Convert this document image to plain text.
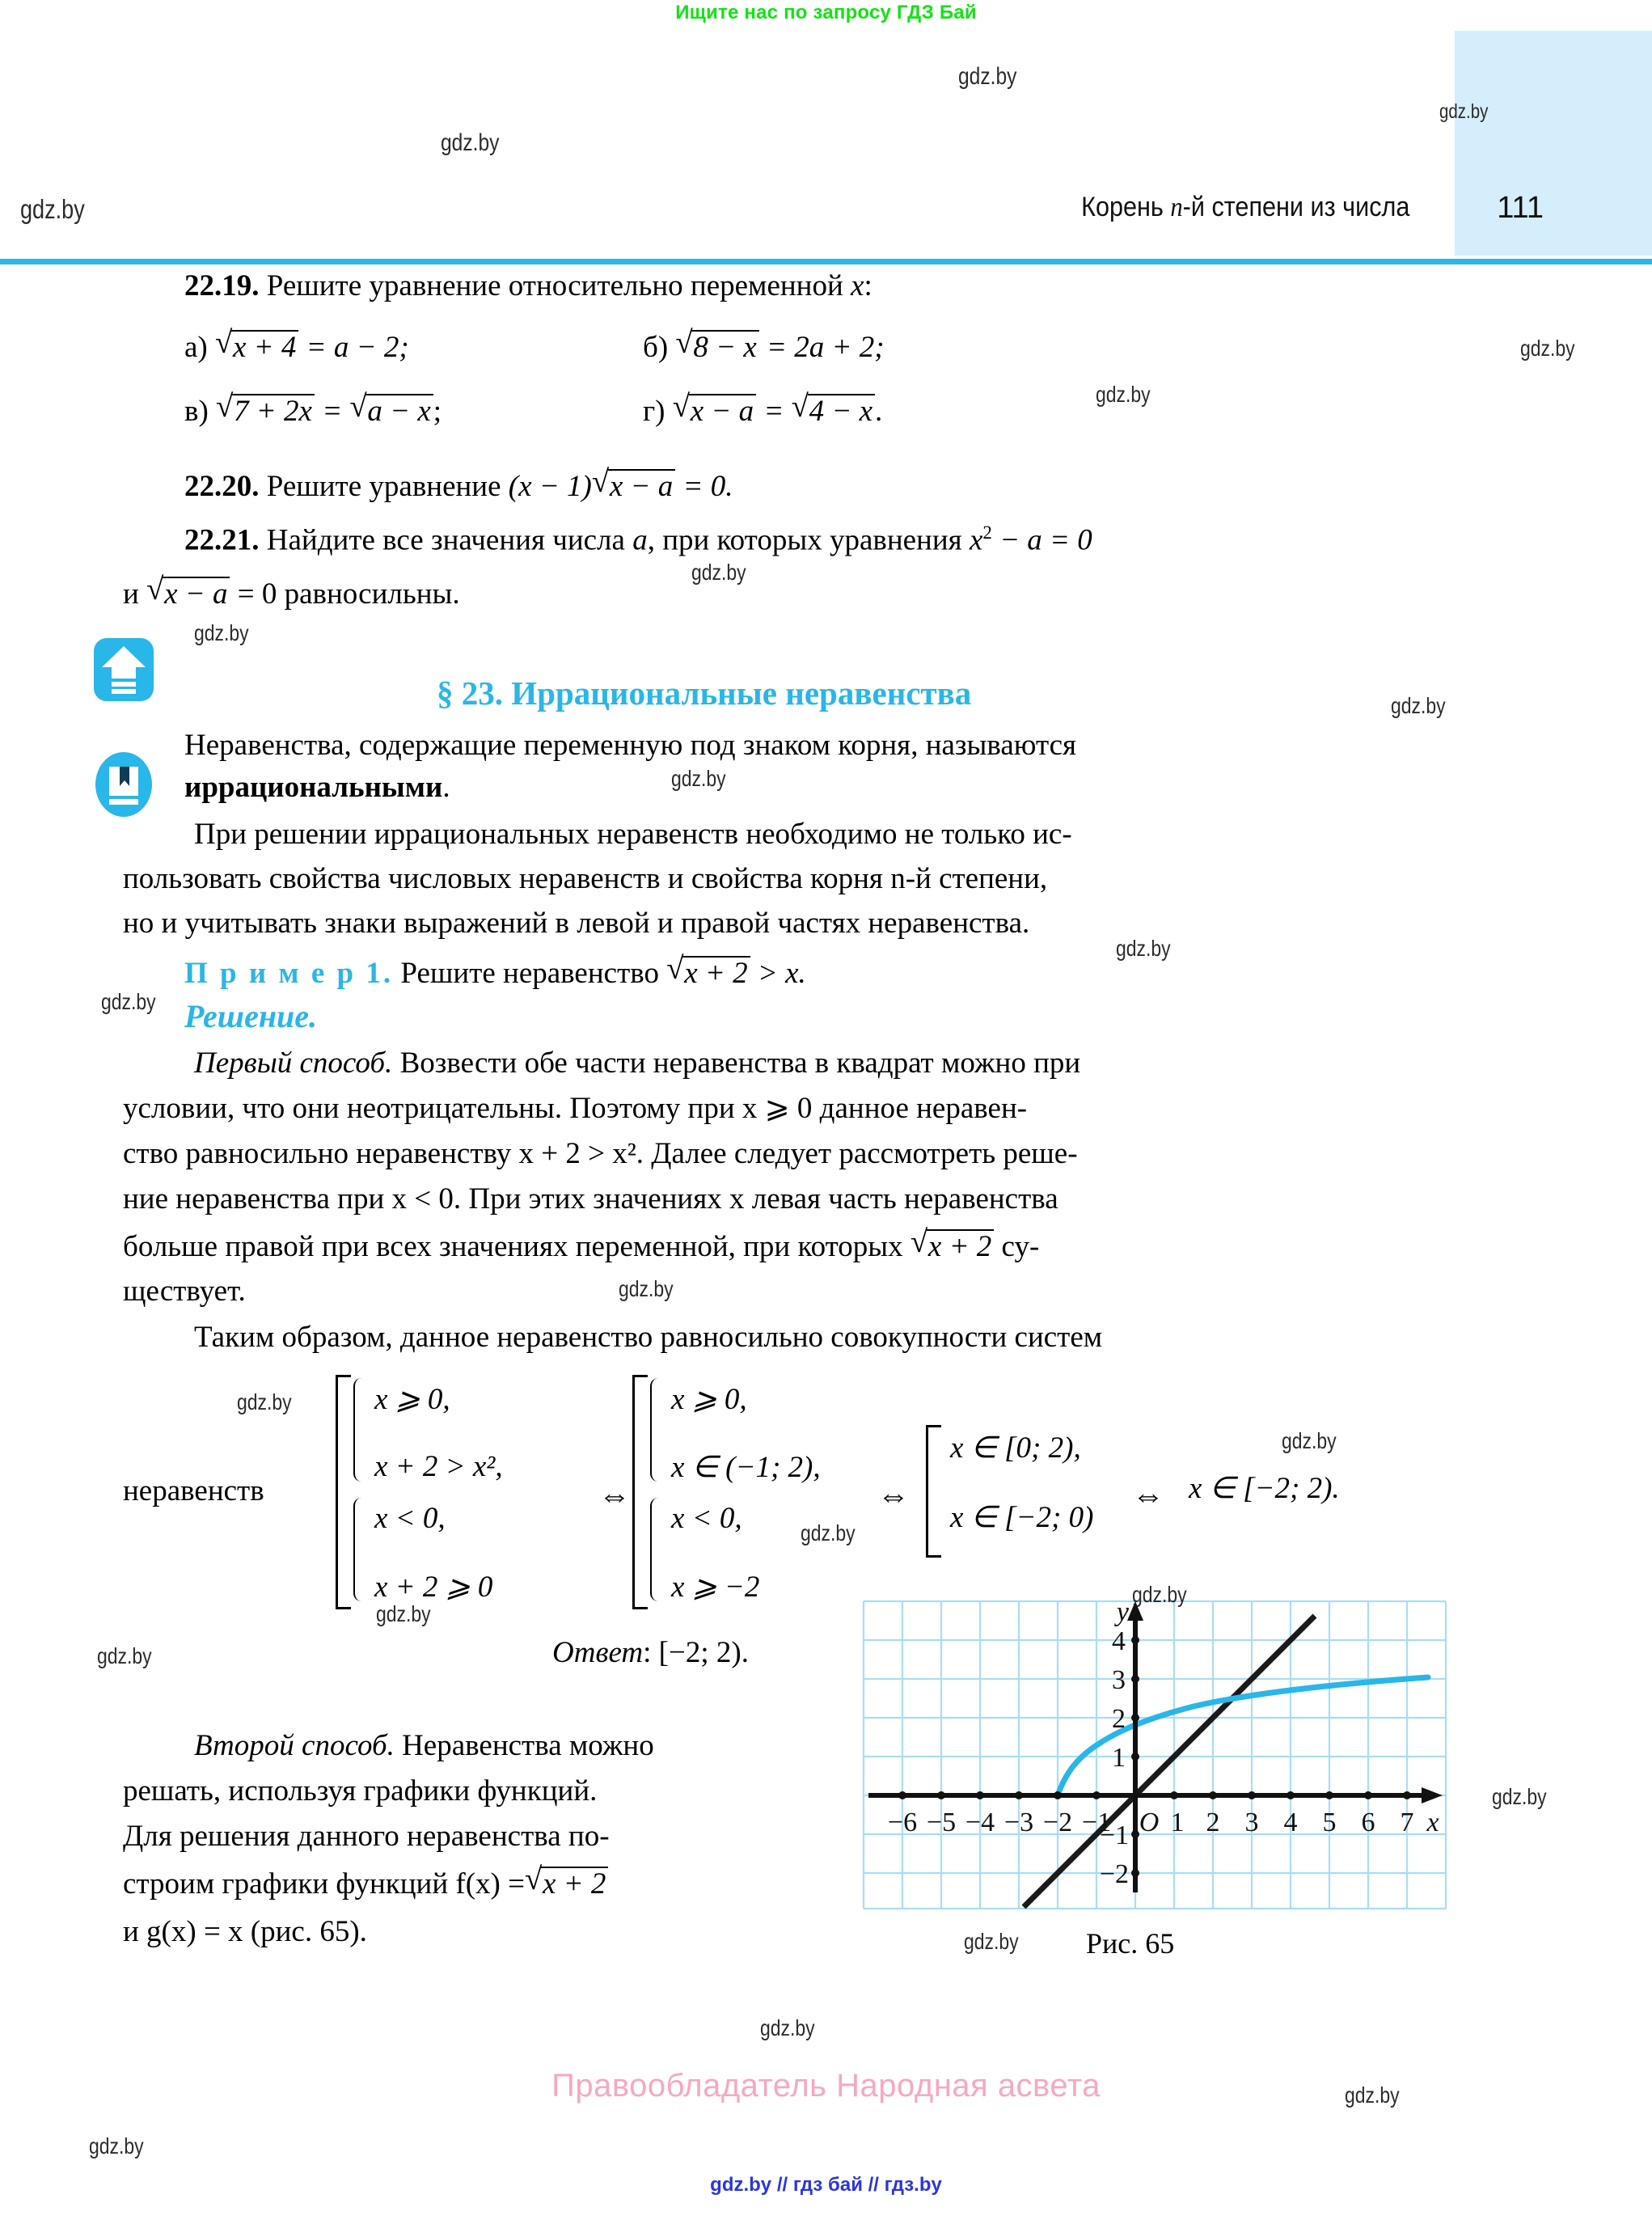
Ищите нас по запросу ГДЗ Бай
Корень n-й степени из числа	111
22.19. Решите уравнение относительно переменной x:
а) √ x + 4 = a − 2;	б) √ 8 − x = 2a + 2;
в) √ 7 + 2x = √ a − x;	г) √ x − a = √ 4 − x.
22.20. Решите уравнение (x − 1) √ x − a = 0.
22.21. Найдите все значения числа a, при которых уравнения $x^2 - a = 0$
и √ x − a = 0 равносильны.
§ 23. Иррациональные неравенства
Неравенства, содержащие переменную под знаком корня, называются
иррациональными.
При решении иррациональных неравенств необходимо не только ис-
пользовать свойства числовых неравенств и свойства корня n-й степени,
но и учитывать знаки выражений в левой и правой частях неравенства.
П р и м е р 1. Решите неравенство √ x + 2 > x.
Решение.
Первый способ. Возвести обе части неравенства в квадрат можно при
условии, что они неотрицательны. Поэтому при x ⩾ 0 данное неравен-
ство равносильно неравенству x + 2 > x². Далее следует рассмотреть реше-
ние неравенства при x < 0. При этих значениях x левая часть неравенства
больше правой при всех значениях переменной, при которых √ x + 2 су-
ществует.
Таким образом, данное неравенство равносильно совокупности систем
неравенств
x ⩾ 0,
x + 2 > x²,
x < 0,
x + 2 ⩾ 0
⇔
x ⩾ 0,
x ∈ (−1; 2),
x < 0,
x ⩾ −2
⇔
x ∈ [0; 2),
x ∈ [−2; 0)
⇔ x ∈ [−2; 2).
Ответ: [−2; 2).
Второй способ. Неравенства можно
решать, используя графики функций.
Для решения данного неравенства по-
строим графики функций f(x) = √ x + 2
и g(x) = x (рис. 65).
−6 −5 −4 −3 −2 −1 O 1 2 3 4 5 6 7 x
4
3
2
1
−1
−2
y
Рис. 65
Правообладатель Народная асвета
gdz.by // гдз бай // гдз.by
gdz.by
gdz.by
gdz.by
gdz.by
gdz.by
gdz.by
gdz.by
gdz.by
gdz.by
gdz.by
gdz.by
gdz.by
gdz.by
gdz.by
gdz.by
gdz.by
gdz.by
gdz.by
gdz.by
gdz.by
gdz.by
gdz.by
gdz.by
gdz.by
